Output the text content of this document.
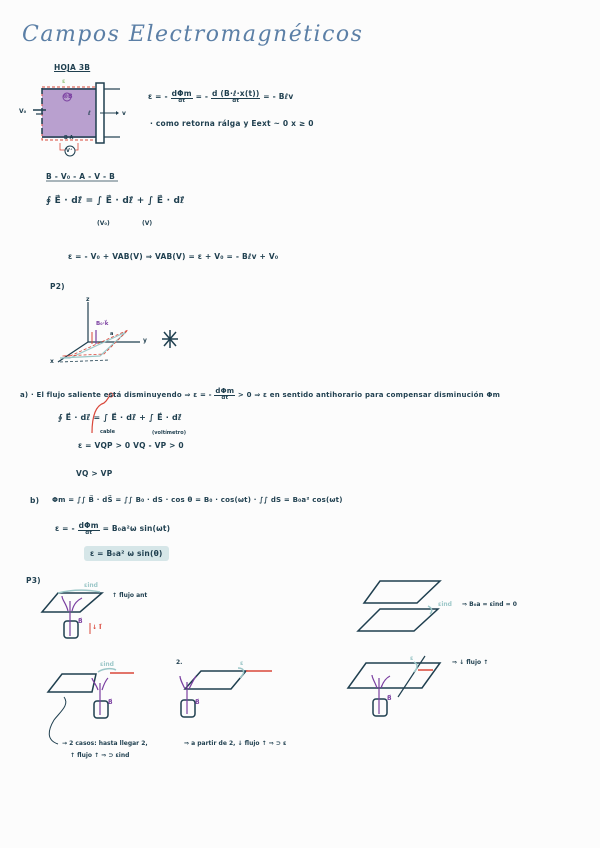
Campos Electromagnéticos
HOJA 3B
ε
⊗B
V₀	ℓ	v
B A
V⁺
ε = - $\frac{\text{dΦm}}{dt}$ = - $\frac{\text{d (B·ℓ·x(t))}}{dt}$ = - Bℓv
· como retorna rálga y Eext ~ 0 x ≥ 0
B - V₀ - A - V - B
∮ E⃗ · dℓ⃗ = ∫ E⃗ · dℓ⃗ + ∫ E⃗ · dℓ⃗
(V₀)	(V)
ε = - V₀ + VAB(V) ⇒ VAB(V) = ε + V₀ = - Bℓv + V₀
P2)
z
y
x
B₀·k⃗
a
a) · El flujo saliente está disminuyendo ⇒ ε = - $\frac{\text{dΦm}}{dt} > 0$ ⇒ ε en sentido antihorario para compensar disminución Φm
∮ E⃗ · dℓ⃗ = ∫ E⃗ · dℓ⃗ + ∫ E⃗ · dℓ⃗
cable	(voltímetro)
ε = VQP > 0 VQ - VP > 0
VQ > VP
b) Φm = ∫∫ B⃗ · dS⃗ = ∫∫ B₀ · dS · cos θ = B₀ · cos(ωt) · ∫∫ dS = B₀a² cos(ωt)
ε = - $\frac{\text{dΦm}}{dt} = B_0a^2\omega$ sin(ωt)
ε = B₀a² ω sin(θ)
P3)
εind
↑ flujo ant
B⃗
↓ I⃗
εind ⇒ B₀a = εind = 0
εind
B⃗
2.	ε
B⃗
ε
B⃗
⇒ ↓ flujo ↑
→ 2 casos: hasta llegar 2,
↑ flujo ↑ ⇒ ⊃ εind
⇒ a partir de 2, ↓ flujo ↑ ⇒ ⊃ ε
